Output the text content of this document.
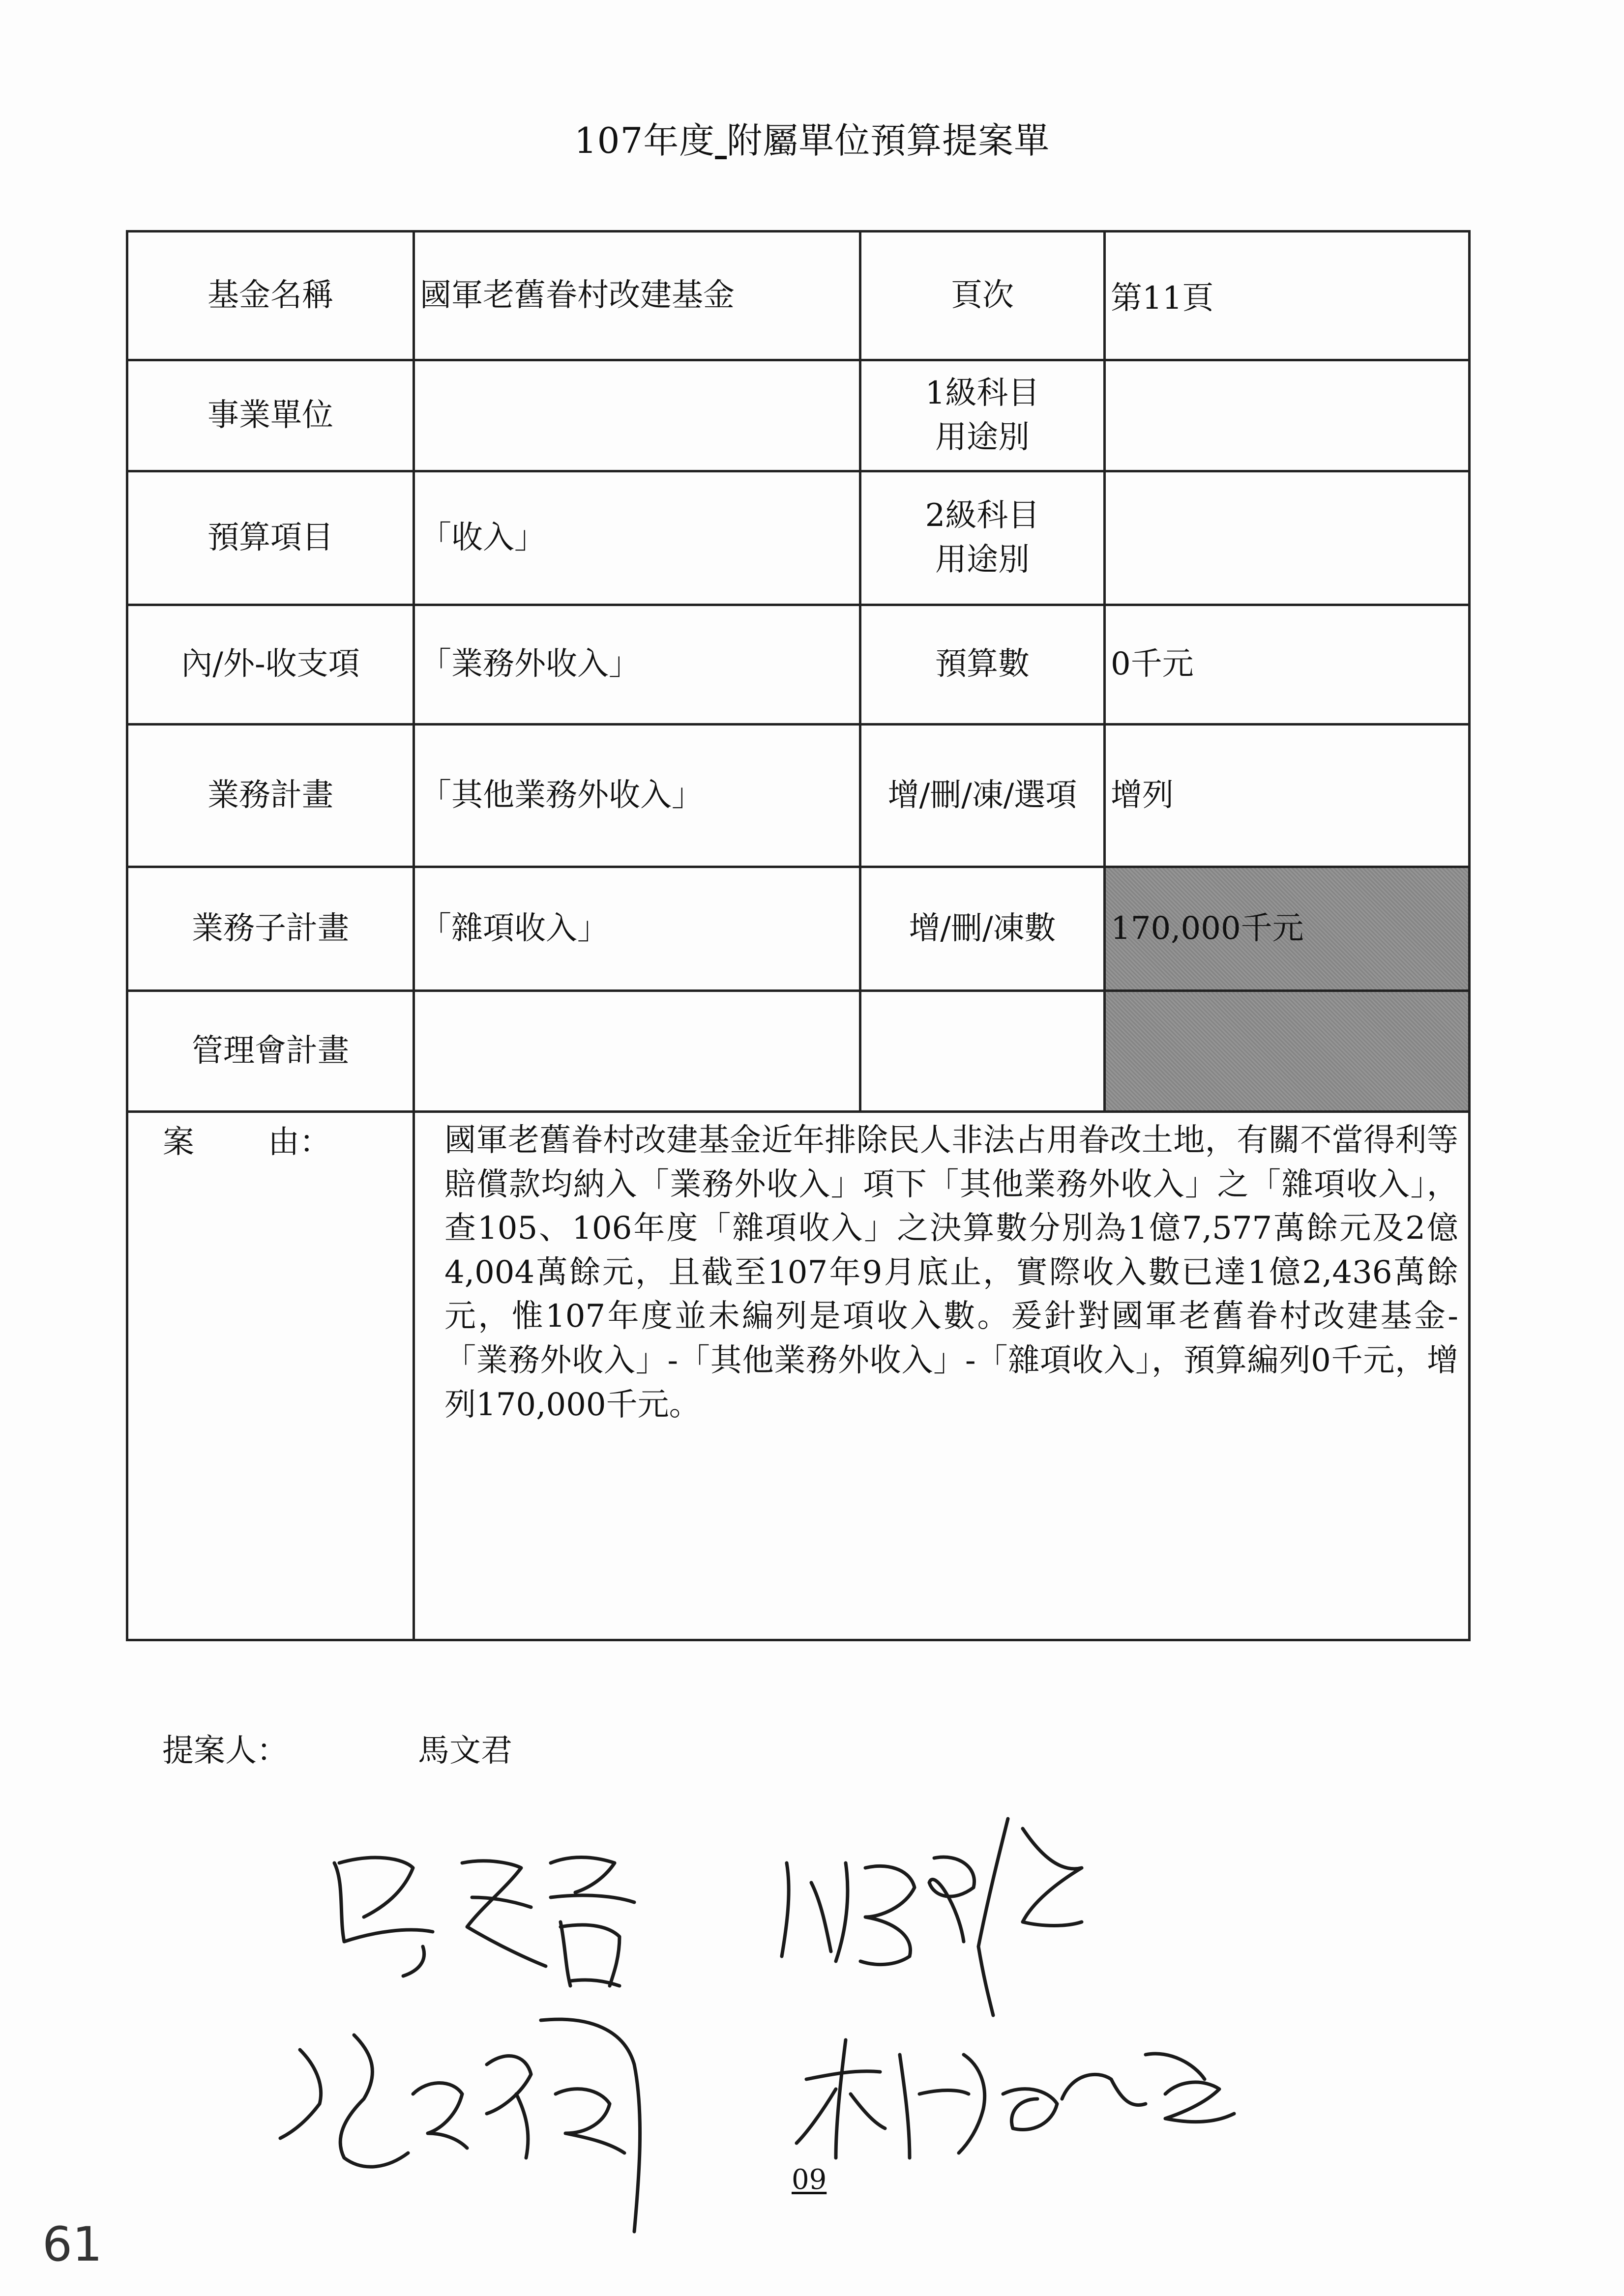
107年度 附屬單位預算提案單
基金名稱	國軍老舊眷村改建基金	頁次	第11頁
事業單位		1級科目
用途別	

預算項目	「收入」	2級科目
用途別	

內/外-收支項	「業務外收入」	預算數	0千元
業務計畫	「其他業務外收入」	增/刪/凍/選項	增列
業務子計畫	「雜項收入」	增/刪/凍數	170,000千元
管理會計畫			
案 由：	國軍老舊眷村改建基金近年排除民人非法占用眷改土地，有關不當得利等賠償款均納入「業務外收入」項下「其他業務外收入」之「雜項收入」，查105、106年度「雜項收入」之決算數分別為1億7,577萬餘元及2億4,004萬餘元，且截至107年9月底止，實際收入數已達1億2,436萬餘元，惟107年度並未編列是項收入數。爰針對國軍老舊眷村改建基金-「業務外收入」-「其他業務外收入」-「雜項收入」，預算編列0千元，增列170,000千元。		
提案人：	馬文君
09
61
